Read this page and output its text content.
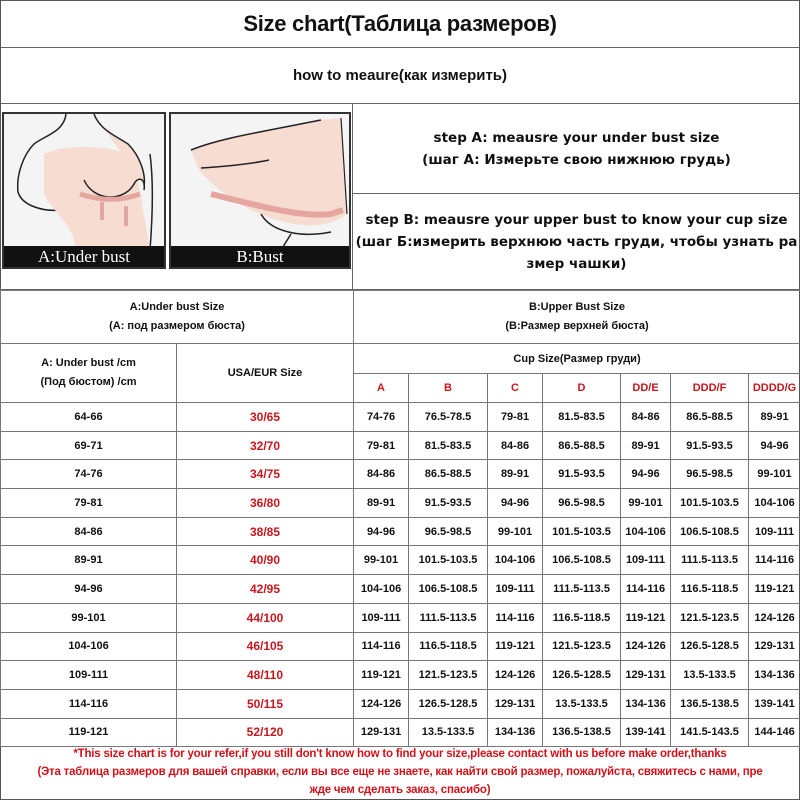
Size chart(Таблица размеров)
how to meaure(как измерить)
A:Under bust	B:Bust
step A: meausre your under bust size
(шаг A: Измерьте свою нижнюю грудь)
step B: meausre your upper bust to know your cup size
(шаг Б:измерить верхнюю часть груди, чтобы узнать ра
змер чашки)
A:Under bust Size
(A: под размером бюста)

B:Upper Bust Size
(B:Размер верхней бюста)

A: Under bust /cm
(Под бюстом) /cm	USA/EUR Size	Cup Size(Размер груди)						
		A	B	C	D	DD/E	DDD/F	DDDD/G
64-66	30/65	74-76	76.5-78.5	79-81	81.5-83.5	84-86	86.5-88.5	89-91
69-71	32/70	79-81	81.5-83.5	84-86	86.5-88.5	89-91	91.5-93.5	94-96
74-76	34/75	84-86	86.5-88.5	89-91	91.5-93.5	94-96	96.5-98.5	99-101
79-81	36/80	89-91	91.5-93.5	94-96	96.5-98.5	99-101	101.5-103.5	104-106
84-86	38/85	94-96	96.5-98.5	99-101	101.5-103.5	104-106	106.5-108.5	109-111
89-91	40/90	99-101	101.5-103.5	104-106	106.5-108.5	109-111	111.5-113.5	114-116
94-96	42/95	104-106	106.5-108.5	109-111	111.5-113.5	114-116	116.5-118.5	119-121
99-101	44/100	109-111	111.5-113.5	114-116	116.5-118.5	119-121	121.5-123.5	124-126
104-106	46/105	114-116	116.5-118.5	119-121	121.5-123.5	124-126	126.5-128.5	129-131
109-111	48/110	119-121	121.5-123.5	124-126	126.5-128.5	129-131	13.5-133.5	134-136
114-116	50/115	124-126	126.5-128.5	129-131	13.5-133.5	134-136	136.5-138.5	139-141
119-121	52/120	129-131	13.5-133.5	134-136	136.5-138.5	139-141	141.5-143.5	144-146
*This size chart is for your refer,if you still don't know how to find your size,please contact with us before make order,thanks
(Эта таблица размеров для вашей справки, если вы все еще не знаете, как найти свой размер, пожалуйста, свяжитесь с нами, пре
жде чем сделать заказ, спасибо)
